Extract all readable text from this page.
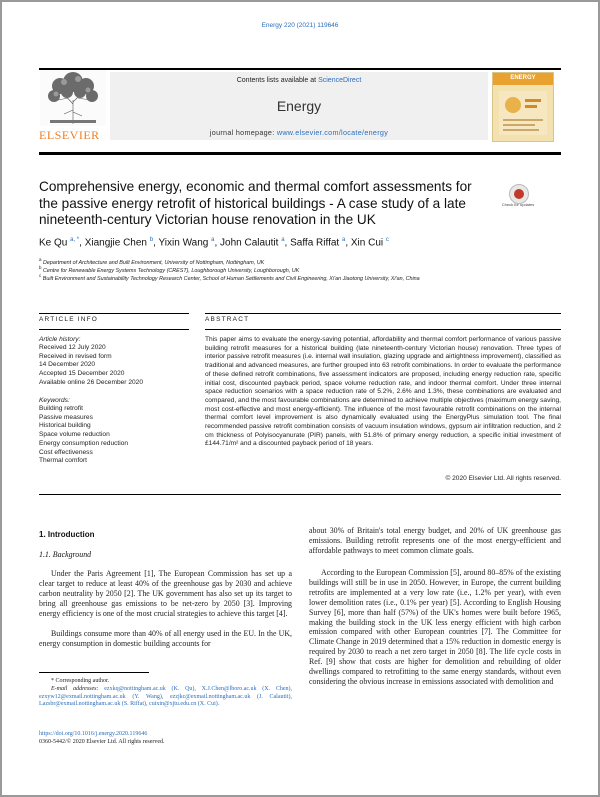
Energy 220 (2021) 119646
ELSEVIER
Contents lists available at ScienceDirect
Energy
journal homepage: www.elsevier.com/locate/energy
ENERGY
Comprehensive energy, economic and thermal comfort assessments for the passive energy retrofit of historical buildings - A case study of a late nineteenth-century Victorian house renovation in the UK
Check for updates
Ke Qu $^{a, *}$, Xiangjie Chen $^b$, Yixin Wang $^a$, John Calautit $^a$, Saffa Riffat $^a$, Xin Cui $^c$
$^a$ Department of Architecture and Built Environment, University of Nottingham, Nottingham, UK
$^b$ Centre for Renewable Energy Systems Technology (CREST), Loughborough University, Loughborough, UK
$^c$ Built Environment and Sustainability Technology Research Center, School of Human Settlements and Civil Engineering, Xi'an Jiaotong University, Xi'an, China
ARTICLE INFO
Article history:
Received 12 July 2020
Received in revised form
14 December 2020
Accepted 15 December 2020
Available online 26 December 2020
Keywords:
Building retrofit
Passive measures
Historical building
Space volume reduction
Energy consumption reduction
Cost effectiveness
Thermal comfort
ABSTRACT
This paper aims to evaluate the energy-saving potential, affordability and thermal comfort performance of various passive building retrofit measures for a historical building (late nineteenth-century Victorian house) renovation. Three types of interior passive retrofit measures (i.e. internal wall insulation, glazing upgrade and airtightness improvement), classified as traditional and advanced measures, are further grouped into 63 retrofit combinations. In order to evaluate the performance of these defined retrofit combinations, five assessment indicators are proposed, including energy reduction rate, specific initial cost, discounted payback period, space volume reduction rate, and indoor thermal comfort. Under three internal space reduction scenarios with a space reduction rate of 5.2%, 2.6% and 1.3%, these combinations are evaluated and compared, and the most favourable combinations are determined to achieve multiple objectives (maximum energy saving, most cost-effective and most energy-efficient). The influence of the most favourable retrofit combinations on the internal thermal comfort level improvement is also dynamically evaluated using the EnergyPlus simulation tool. The final recommended passive retrofit combination consists of vacuum insulation windows, gypsum air infiltration reduction, and 2 cm thickness of Polyisocyanurate (PIR) panels, with 51.8% of primary energy reduction, a specific initial investment of £144.71/m² and a discounted payback period of 18 years.
© 2020 Elsevier Ltd. All rights reserved.
1. Introduction
1.1. Background
Under the Paris Agreement [1], The European Commission has set up a clear target to reduce at least 40% of the greenhouse gas by 2030 and achieve carbon neutrality by 2050 [2]. The UK government has also set up its target to bring all greenhouse gas emissions to be net-zero by 2050 [3]. Improving energy efficiency is one of the most crucial strategies to achieve this target [4].
Buildings consume more than 40% of all energy used in the EU. In the UK, energy consumption in domestic building accounts for
* Corresponding author.
E-mail addresses: ezxkq@nottingham.ac.uk (K. Qu), X.J.Chen@lboro.ac.uk (X. Chen), ezxyw12@exmail.nottingham.ac.uk (Y. Wang), ezzjkc@exmail.nottingham.ac.uk (J. Calautit), Lazsbr@exmail.nottingham.ac.uk (S. Riffat), cuixin@xjtu.edu.cn (X. Cui).
https://doi.org/10.1016/j.energy.2020.119646
0360-5442/© 2020 Elsevier Ltd. All rights reserved.
about 30% of Britain's total energy budget, and 20% of UK greenhouse gas emissions. Building retrofit represents one of the most energy-efficient and affordable pathways to meet common climate goals.
According to the European Commission [5], around 80–85% of the existing buildings will still be in use in 2050. However, in Europe, the current building retrofits are implemented at a very low rate (i.e., 1.2% per year), with even lower demolition rates (i.e., 0.1% per year) [5]. According to English Housing Survey [6], more than half (57%) of the UK's homes were built before 1965, making the building stock in the UK less energy efficient with high carbon emission compared with other European countries [7]. The Committee for Climate Change in 2019 determined that a 15% reduction in domestic energy is required by 2030 to reach a net zero target in 2050 [8]. The life cycle costs in Ref. [9] show that costs are higher for demolition and rebuilding of older dwellings compared to retrofitting to the same energy standards, without even considering the obvious increase in emissions associated with demolition and
